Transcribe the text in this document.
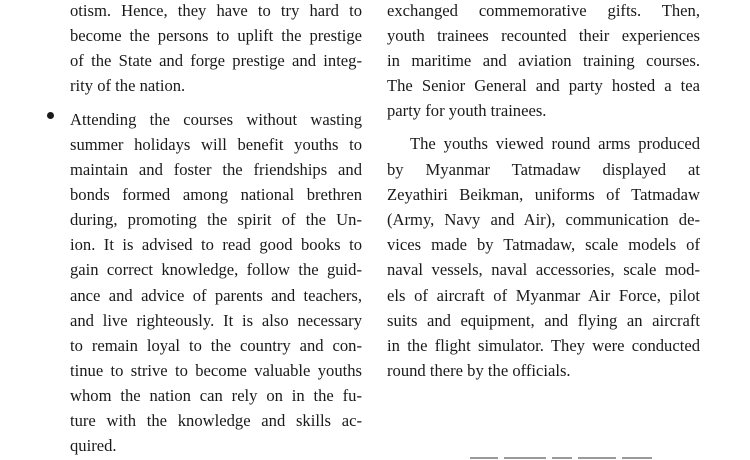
otism. Hence, they have to try hard to
become the persons to uplift the prestige
of the State and forge prestige and integ-
rity of the nation.
Attending the courses without wasting
summer holidays will benefit youths to
maintain and foster the friendships and
bonds formed among national brethren
during, promoting the spirit of the Un-
ion. It is advised to read good books to
gain correct knowledge, follow the guid-
ance and advice of parents and teachers,
and live righteously. It is also necessary
to remain loyal to the country and con-
tinue to strive to become valuable youths
whom the nation can rely on in the fu-
ture with the knowledge and skills ac-
quired.
exchanged commemorative gifts. Then,
youth trainees recounted their experiences
in maritime and aviation training courses.
The Senior General and party hosted a tea
party for youth trainees.
The youths viewed round arms produced
by Myanmar Tatmadaw displayed at
Zeyathiri Beikman, uniforms of Tatmadaw
(Army, Navy and Air), communication de-
vices made by Tatmadaw, scale models of
naval vessels, naval accessories, scale mod-
els of aircraft of Myanmar Air Force, pilot
suits and equipment, and flying an aircraft
in the flight simulator. They were conducted
round there by the officials.
